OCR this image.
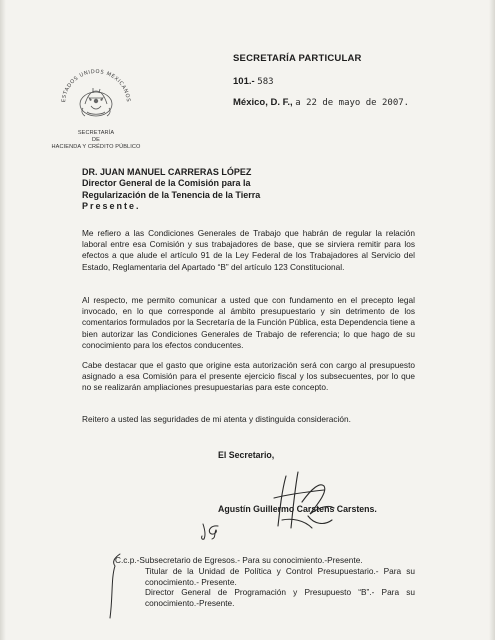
ESTADOS UNIDOS MEXICANOS
SECRETARÍA
DE
HACIENDA Y CRÉDITO PÚBLICO
SECRETARÍA PARTICULAR
101.- 583
México, D. F., a 22 de mayo de 2007.
DR. JUAN MANUEL CARRERAS LÓPEZ
Director General de la Comisión para la
Regularización de la Tenencia de la Tierra
Presente.

Me refiero a las Condiciones Generales de Trabajo que habrán de regular la relación laboral entre esa Comisión y sus trabajadores de base, que se sirviera remitir para los efectos a que alude el artículo 91 de la Ley Federal de los Trabajadores al Servicio del Estado, Reglamentaria del Apartado “B” del artículo 123 Constitucional.

Al respecto, me permito comunicar a usted que con fundamento en el precepto legal invocado, en lo que corresponde al ámbito presupuestario y sin detrimento de los comentarios formulados por la Secretaría de la Función Pública, esta Dependencia tiene a bien autorizar las Condiciones Generales de Trabajo de referencia; lo que hago de su conocimiento para los efectos conducentes.

Cabe destacar que el gasto que origine esta autorización será con cargo al presupuesto asignado a esa Comisión para el presente ejercicio fiscal y los subsecuentes, por lo que no se realizarán ampliaciones presupuestarias para este concepto.

Reitero a usted las seguridades de mi atenta y distinguida consideración.

El Secretario,
Agustín Guillermo Carstens Carstens.
JG
C.c.p.-Subsecretario de Egresos.- Para su conocimiento.-Presente.
Titular de la Unidad de Política y Control Presupuestario.- Para su conocimiento.- Presente.
Director General de Programación y Presupuesto “B”.- Para su conocimiento.-Presente.
